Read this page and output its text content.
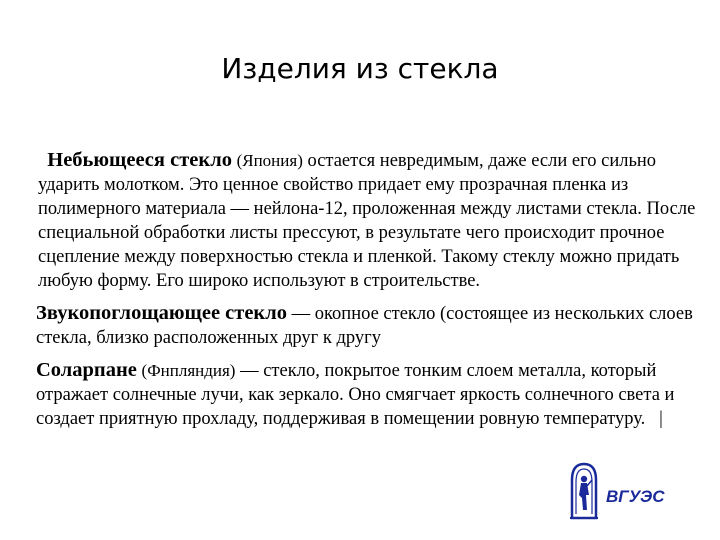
Изделия из стекла

Небьющееся стекло (Япония) остается невредимым, даже если его сильно ударить молотком. Это ценное свойство придает ему прозрачная пленка из полимерного материала — нейлона-12, проложенная между листами стекла. После специальной обработки листы прессуют, в результате чего происходит прочное сцепление между поверхностью стекла и пленкой. Такому стеклу можно придать любую форму. Его широко используют в строительстве.

Звукопоглощающее стекло — окопное стекло (состоящее из нескольких слоев стекла, близко расположенных друг к другу

Соларпане (Фнпляндия) — стекло, покрытое тонким слоем металла, который отражает солнечные лучи, как зеркало. Оно смягчает яркость солнечного света и создает приятную прохладу, поддерживая в помещении ровную температуру. |

ВГУЭС
